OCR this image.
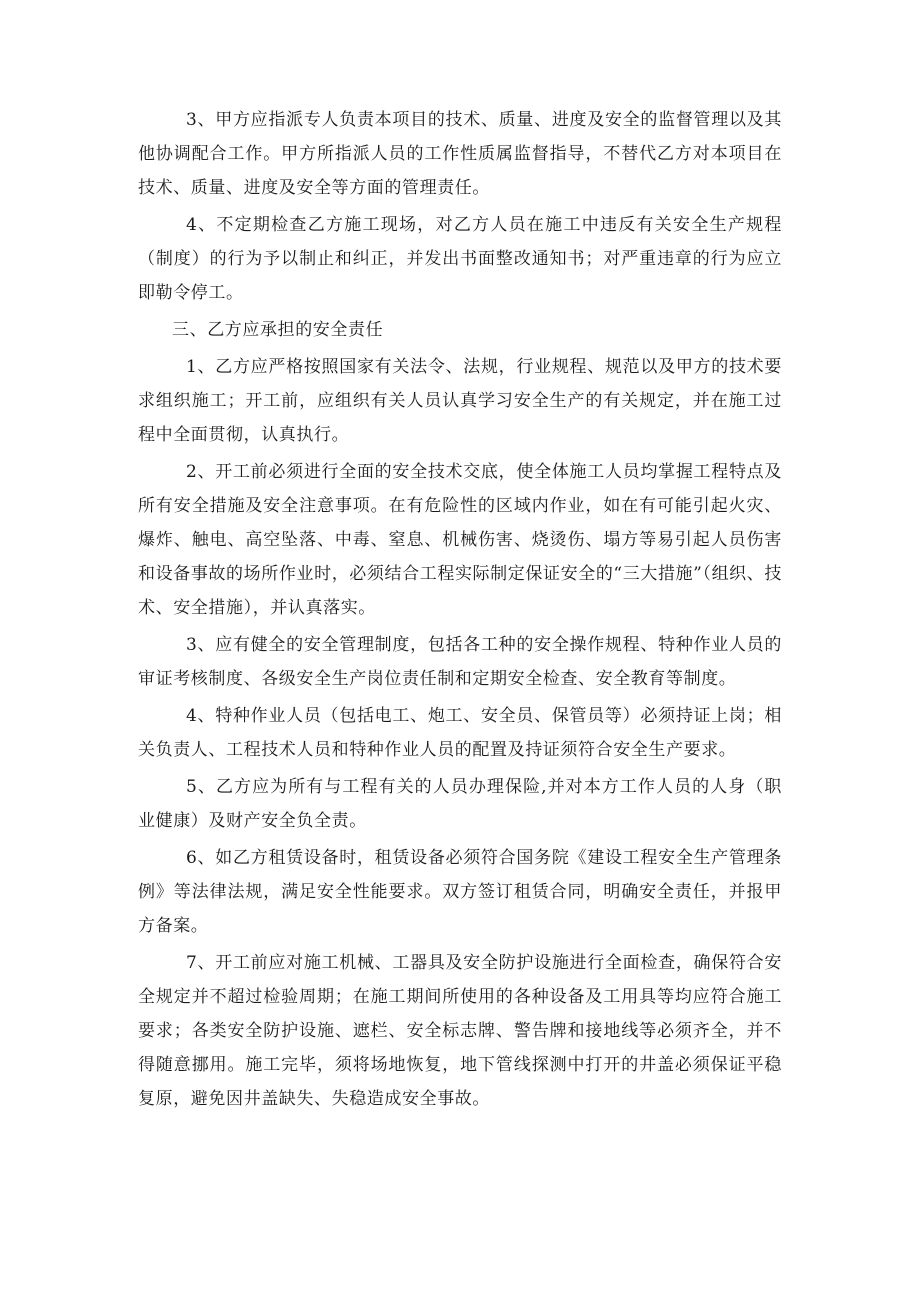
3、甲方应指派专人负责本项目的技术、质量、进度及安全的监督管理以及其他协调配合工作。甲方所指派人员的工作性质属监督指导，不替代乙方对本项目在技术、质量、进度及安全等方面的管理责任。

4、不定期检查乙方施工现场，对乙方人员在施工中违反有关安全生产规程（制度）的行为予以制止和纠正，并发出书面整改通知书；对严重违章的行为应立即勒令停工。

三、乙方应承担的安全责任

1、乙方应严格按照国家有关法令、法规，行业规程、规范以及甲方的技术要求组织施工；开工前，应组织有关人员认真学习安全生产的有关规定，并在施工过程中全面贯彻，认真执行。

2、开工前必须进行全面的安全技术交底，使全体施工人员均掌握工程特点及所有安全措施及安全注意事项。在有危险性的区域内作业，如在有可能引起火灾、爆炸、触电、高空坠落、中毒、窒息、机械伤害、烧烫伤、塌方等易引起人员伤害和设备事故的场所作业时，必须结合工程实际制定保证安全的“三大措施”（组织、技术、安全措施），并认真落实。

3、应有健全的安全管理制度，包括各工种的安全操作规程、特种作业人员的审证考核制度、各级安全生产岗位责任制和定期安全检查、安全教育等制度。

4、特种作业人员（包括电工、炮工、安全员、保管员等）必须持证上岗；相关负责人、工程技术人员和特种作业人员的配置及持证须符合安全生产要求。

5、乙方应为所有与工程有关的人员办理保险,并对本方工作人员的人身（职业健康）及财产安全负全责。

6、如乙方租赁设备时，租赁设备必须符合国务院《建设工程安全生产管理条例》等法律法规，满足安全性能要求。双方签订租赁合同，明确安全责任，并报甲方备案。

7、开工前应对施工机械、工器具及安全防护设施进行全面检查，确保符合安全规定并不超过检验周期；在施工期间所使用的各种设备及工用具等均应符合施工要求；各类安全防护设施、遮栏、安全标志牌、警告牌和接地线等必须齐全，并不得随意挪用。施工完毕，须将场地恢复，地下管线探测中打开的井盖必须保证平稳复原，避免因井盖缺失、失稳造成安全事故。
